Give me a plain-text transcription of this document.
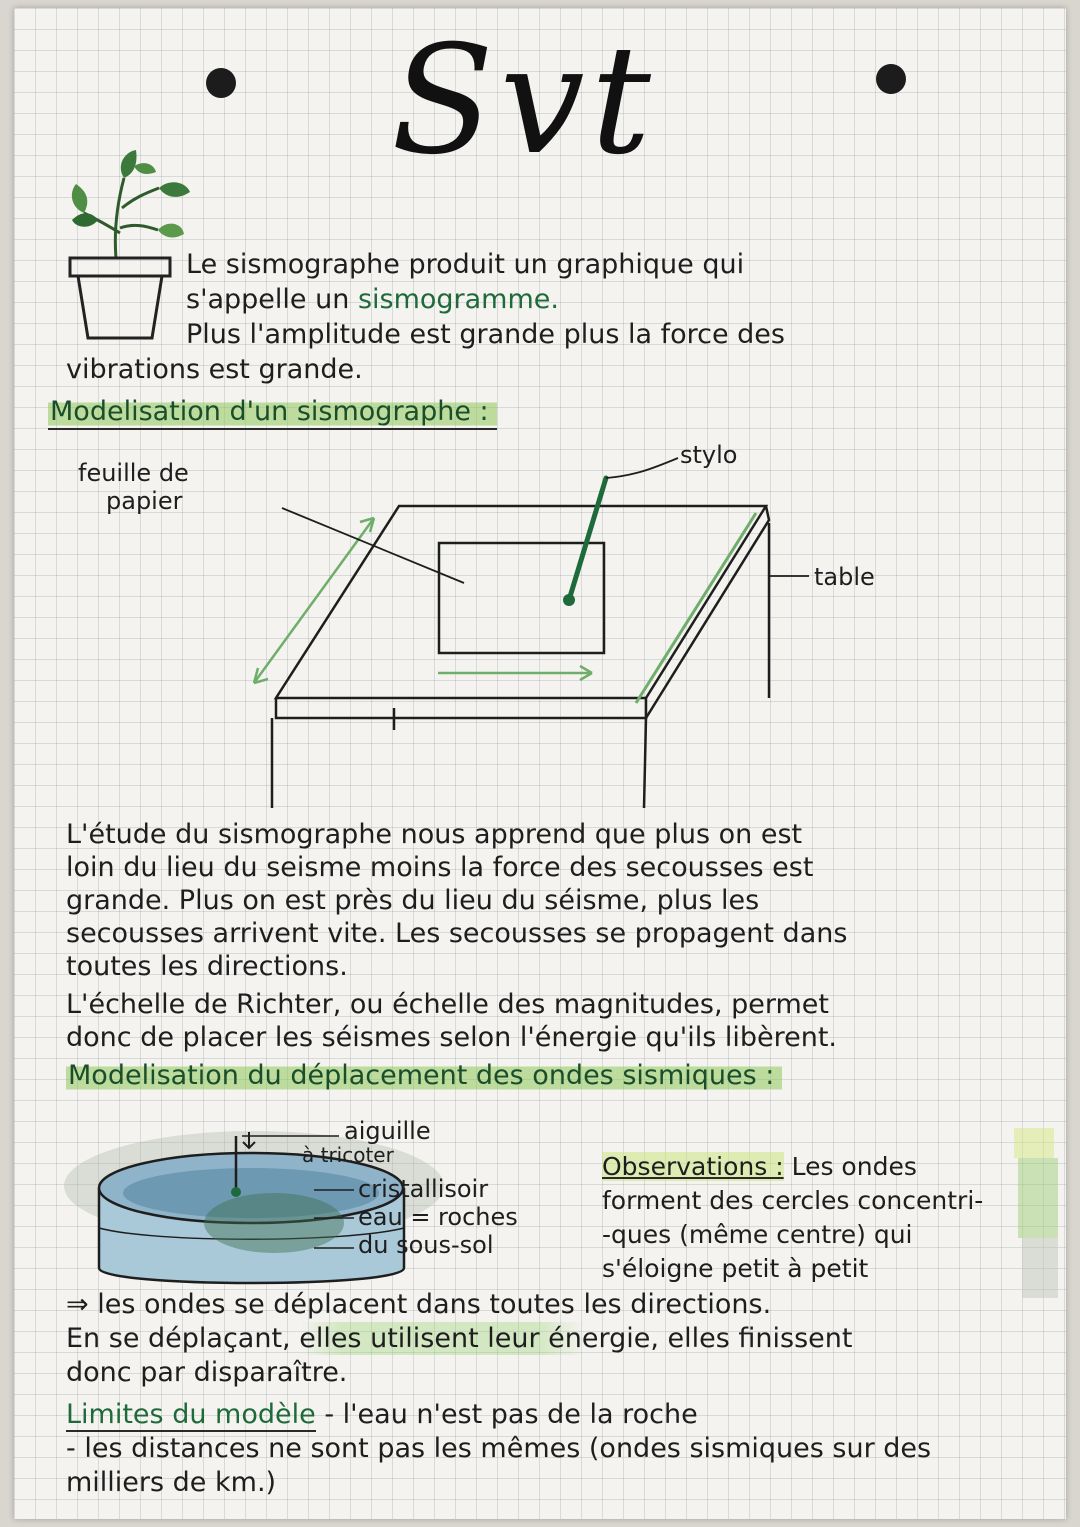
Svt

Le sismographe produit un graphique qui

s'appelle un sismogramme.

Plus l'amplitude est grande plus la force des

vibrations est grande.

Modelisation d'un sismographe :

feuille de

papier

stylo

table

L'étude du sismographe nous apprend que plus on est

loin du lieu du seisme moins la force des secousses est

grande. Plus on est près du lieu du séisme, plus les

secousses arrivent vite. Les secousses se propagent dans

toutes les directions.

L'échelle de Richter, ou échelle des magnitudes, permet

donc de placer les séismes selon l'énergie qu'ils libèrent.

Modelisation du déplacement des ondes sismiques :

aiguille

à tricoter

cristallisoir

eau = roches

du sous-sol

Observations : Les ondes

forment des cercles concentri-

-ques (même centre) qui

s'éloigne petit à petit

⇒ les ondes se déplacent dans toutes les directions.

En se déplaçant, elles utilisent leur énergie, elles finissent

donc par disparaître.

Limites du modèle - l'eau n'est pas de la roche

- les distances ne sont pas les mêmes (ondes sismiques sur des

milliers de km.)
